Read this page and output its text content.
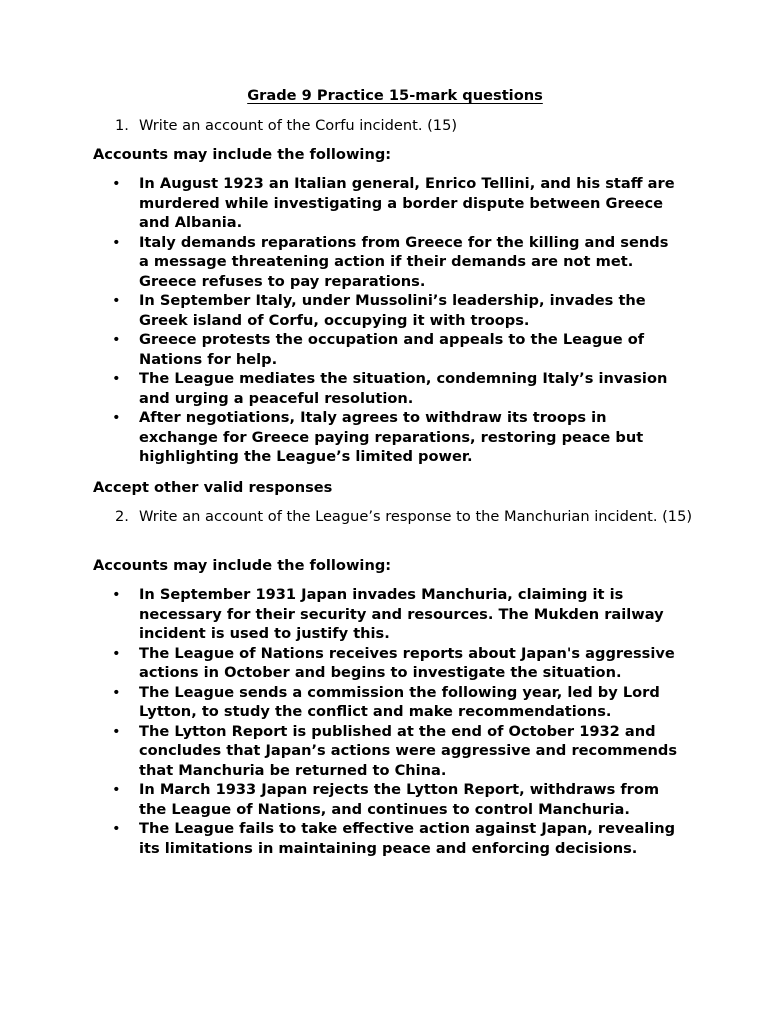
Grade 9 Practice 15-mark questions
1. Write an account of the Corfu incident. (15)
Accounts may include the following:
• In August 1923 an Italian general, Enrico Tellini, and his staff are murdered while investigating a border dispute between Greece and Albania.
• Italy demands reparations from Greece for the killing and sends a message threatening action if their demands are not met. Greece refuses to pay reparations.
• In September Italy, under Mussolini’s leadership, invades the Greek island of Corfu, occupying it with troops.
• Greece protests the occupation and appeals to the League of Nations for help.
• The League mediates the situation, condemning Italy’s invasion and urging a peaceful resolution.
• After negotiations, Italy agrees to withdraw its troops in exchange for Greece paying reparations, restoring peace but highlighting the League’s limited power.
Accept other valid responses
2. Write an account of the League’s response to the Manchurian incident. (15)
Accounts may include the following:
• In September 1931 Japan invades Manchuria, claiming it is necessary for their security and resources. The Mukden railway incident is used to justify this.
• The League of Nations receives reports about Japan's aggressive actions in October and begins to investigate the situation.
• The League sends a commission the following year, led by Lord Lytton, to study the conflict and make recommendations.
• The Lytton Report is published at the end of October 1932 and concludes that Japan’s actions were aggressive and recommends that Manchuria be returned to China.
• In March 1933 Japan rejects the Lytton Report, withdraws from the League of Nations, and continues to control Manchuria.
• The League fails to take effective action against Japan, revealing its limitations in maintaining peace and enforcing decisions.
